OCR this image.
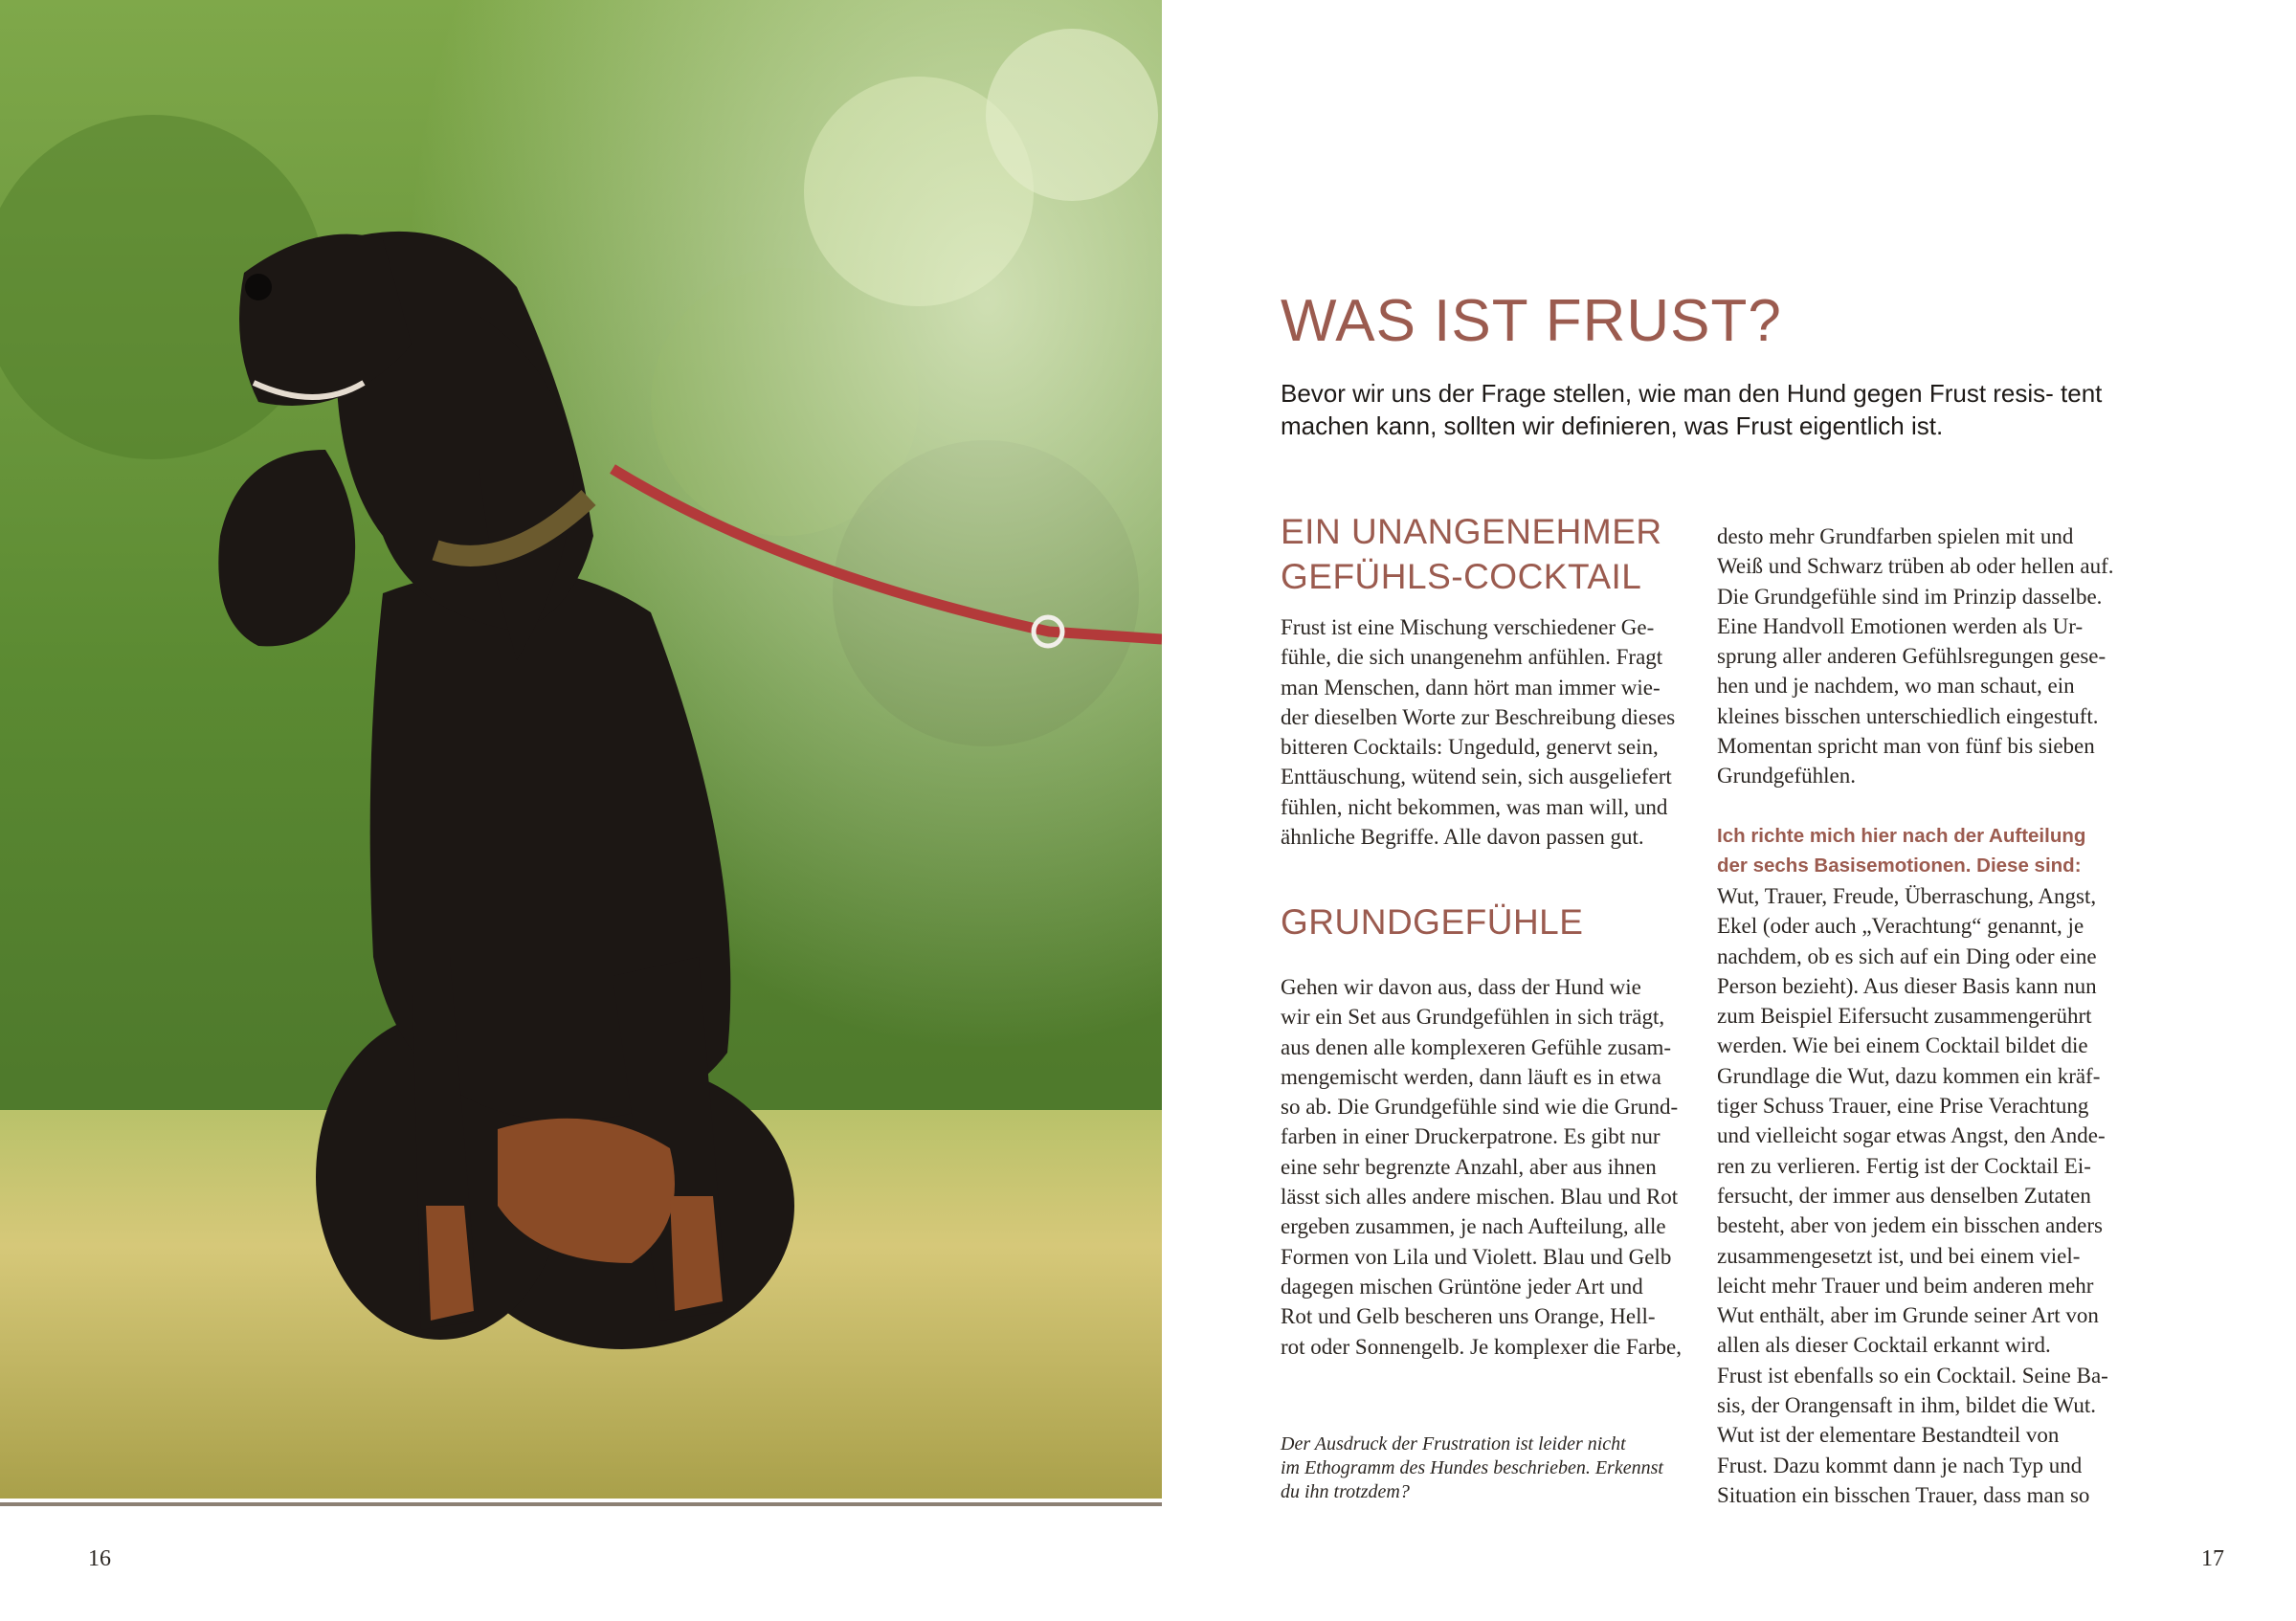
16
WAS IST FRUST?

Bevor wir uns der Frage stellen, wie man den Hund gegen Frust resis- tent machen kann, sollten wir definieren, was Frust eigentlich ist.

EIN UNANGENEHMER
GEFÜHLS-COCKTAIL
Frust ist eine Mischung verschiedener Ge-
fühle, die sich unangenehm anfühlen. Fragt
man Menschen, dann hört man immer wie-
der dieselben Worte zur Beschreibung dieses
bitteren Cocktails: Ungeduld, genervt sein,
Enttäuschung, wütend sein, sich ausgeliefert
fühlen, nicht bekommen, was man will, und
ähnliche Begriffe. Alle davon passen gut.
GRUNDGEFÜHLE
Gehen wir davon aus, dass der Hund wie
wir ein Set aus Grundgefühlen in sich trägt,
aus denen alle komplexeren Gefühle zusam-
mengemischt werden, dann läuft es in etwa
so ab. Die Grundgefühle sind wie die Grund-
farben in einer Druckerpatrone. Es gibt nur
eine sehr begrenzte Anzahl, aber aus ihnen
lässt sich alles andere mischen. Blau und Rot
ergeben zusammen, je nach Aufteilung, alle
Formen von Lila und Violett. Blau und Gelb
dagegen mischen Grüntöne jeder Art und
Rot und Gelb bescheren uns Orange, Hell-
rot oder Sonnengelb. Je komplexer die Farbe,
Der Ausdruck der Frustration ist leider nicht
im Ethogramm des Hundes beschrieben. Erkennst
du ihn trotzdem?
desto mehr Grundfarben spielen mit und
Weiß und Schwarz trüben ab oder hellen auf.
Die Grundgefühle sind im Prinzip dasselbe.
Eine Handvoll Emotionen werden als Ur-
sprung aller anderen Gefühlsregungen gese-
hen und je nachdem, wo man schaut, ein
kleines bisschen unterschiedlich eingestuft.
Momentan spricht man von fünf bis sieben
Grundgefühlen.
Ich richte mich hier nach der Aufteilung
der sechs Basisemotionen. Diese sind:
Wut, Trauer, Freude, Überraschung, Angst,
Ekel (oder auch „Verachtung“ genannt, je
nachdem, ob es sich auf ein Ding oder eine
Person bezieht). Aus dieser Basis kann nun
zum Beispiel Eifersucht zusammengerührt
werden. Wie bei einem Cocktail bildet die
Grundlage die Wut, dazu kommen ein kräf-
tiger Schuss Trauer, eine Prise Verachtung
und vielleicht sogar etwas Angst, den Ande-
ren zu verlieren. Fertig ist der Cocktail Ei-
fersucht, der immer aus denselben Zutaten
besteht, aber von jedem ein bisschen anders
zusammengesetzt ist, und bei einem viel-
leicht mehr Trauer und beim anderen mehr
Wut enthält, aber im Grunde seiner Art von
allen als dieser Cocktail erkannt wird.
Frust ist ebenfalls so ein Cocktail. Seine Ba-
sis, der Orangensaft in ihm, bildet die Wut.
Wut ist der elementare Bestandteil von
Frust. Dazu kommt dann je nach Typ und
Situation ein bisschen Trauer, dass man so
17
